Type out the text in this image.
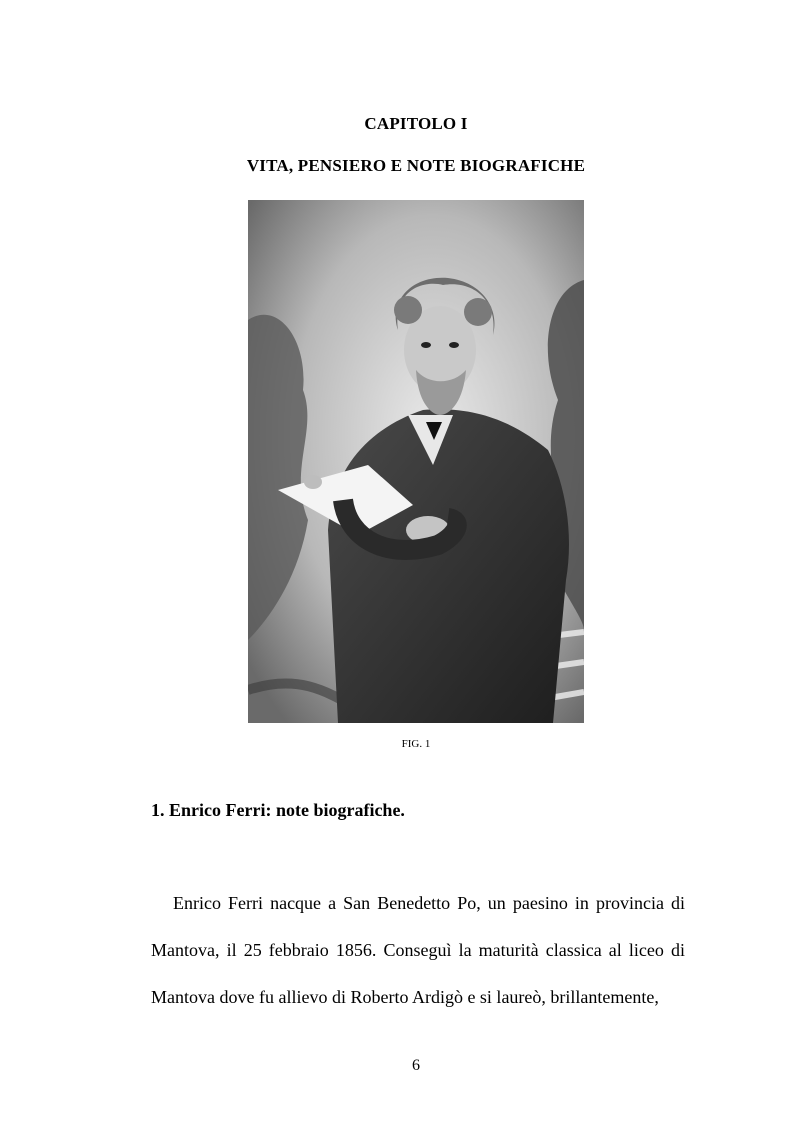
CAPITOLO I
VITA, PENSIERO E NOTE BIOGRAFICHE
FIG. 1
1. Enrico Ferri: note biografiche.

Enrico Ferri nacque a San Benedetto Po, un paesino in provincia di Mantova, il 25 febbraio 1856. Conseguì la maturità classica al liceo di Mantova dove fu allievo di Roberto Ardigò e si laureò, brillantemente,

6
